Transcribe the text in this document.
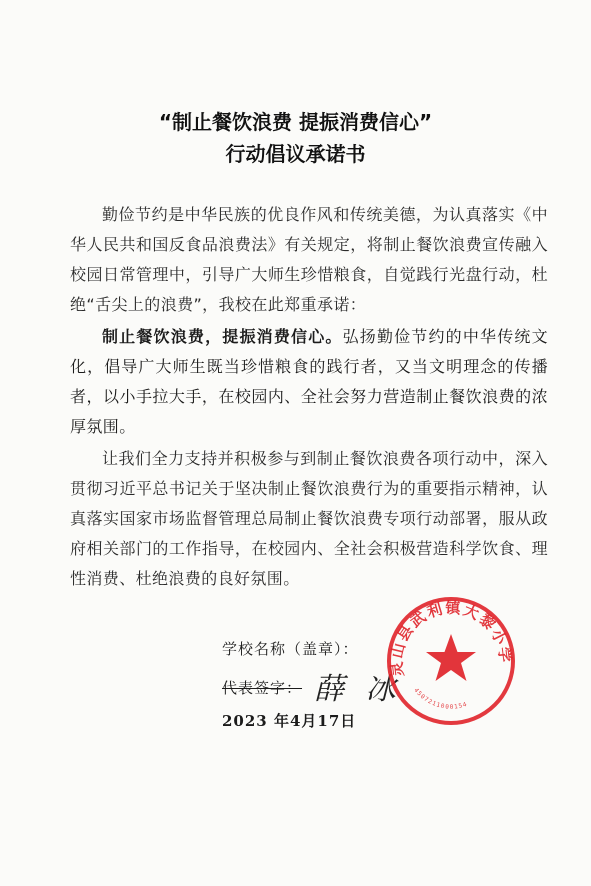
“制止餐饮浪费 提振消费信心”
行动倡议承诺书
勤俭节约是中华民族的优良作风和传统美德，为认真落实《中华人民共和国反食品浪费法》有关规定，将制止餐饮浪费宣传融入校园日常管理中，引导广大师生珍惜粮食，自觉践行光盘行动，杜绝“舌尖上的浪费”，我校在此郑重承诺：
制止餐饮浪费，提振消费信心。弘扬勤俭节约的中华传统文化，倡导广大师生既当珍惜粮食的践行者，又当文明理念的传播者，以小手拉大手，在校园内、全社会努力营造制止餐饮浪费的浓厚氛围。
让我们全力支持并积极参与到制止餐饮浪费各项行动中，深入贯彻习近平总书记关于坚决制止餐饮浪费行为的重要指示精神，认真落实国家市场监督管理总局制止餐饮浪费专项行动部署，服从政府相关部门的工作指导，在校园内、全社会积极营造科学饮食、理性消费、杜绝浪费的良好氛围。
学校名称（盖章）：
代表签字： 薛 冰
2023 年4月17日
灵山县武利镇大黎小学
4507211000154
